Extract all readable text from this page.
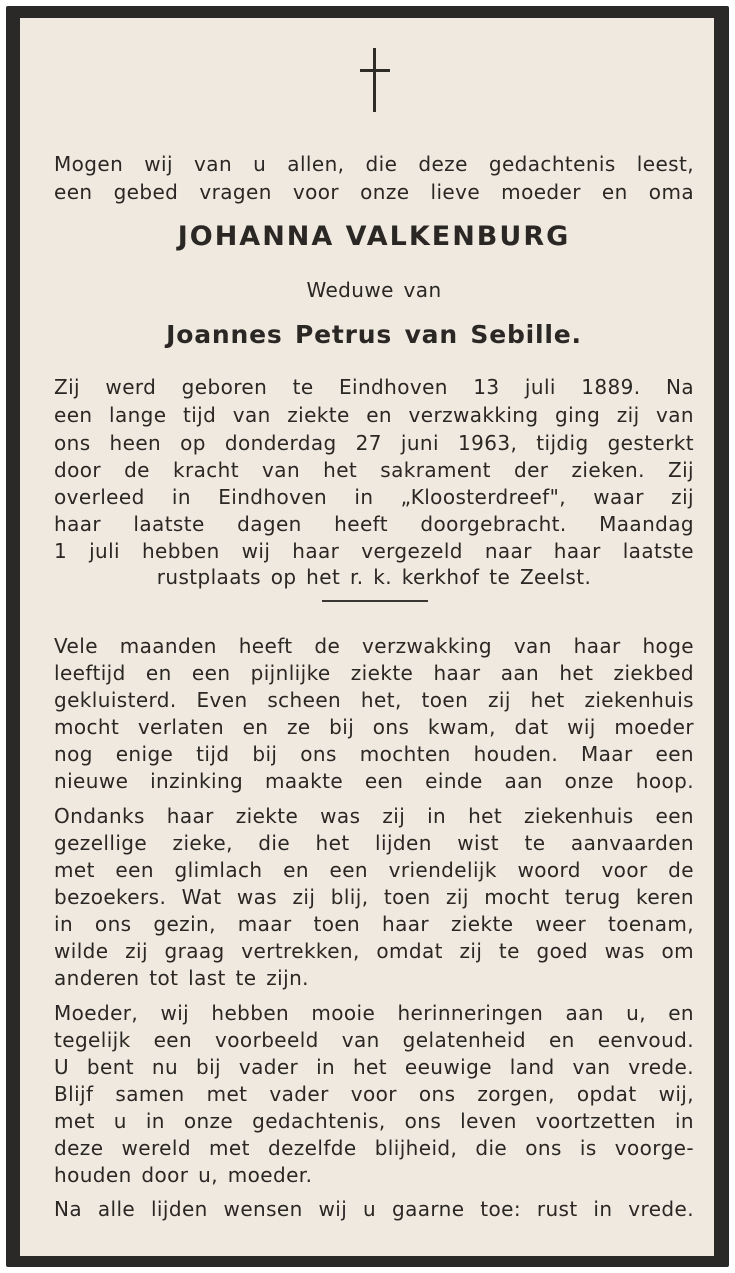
Mogen wij van u allen, die deze gedachtenis leest,
een gebed vragen voor onze lieve moeder en oma
JOHANNA VALKENBURG
Weduwe van
Joannes Petrus van Sebille.
Zij werd geboren te Eindhoven 13 juli 1889. Na
een lange tijd van ziekte en verzwakking ging zij van
ons heen op donderdag 27 juni 1963, tijdig gesterkt
door de kracht van het sakrament der zieken. Zij
overleed in Eindhoven in „Kloosterdreef", waar zij
haar laatste dagen heeft doorgebracht. Maandag
1 juli hebben wij haar vergezeld naar haar laatste
rustplaats op het r. k. kerkhof te Zeelst.
Vele maanden heeft de verzwakking van haar hoge
leeftijd en een pijnlijke ziekte haar aan het ziekbed
gekluisterd. Even scheen het, toen zij het ziekenhuis
mocht verlaten en ze bij ons kwam, dat wij moeder
nog enige tijd bij ons mochten houden. Maar een
nieuwe inzinking maakte een einde aan onze hoop.
Ondanks haar ziekte was zij in het ziekenhuis een
gezellige zieke, die het lijden wist te aanvaarden
met een glimlach en een vriendelijk woord voor de
bezoekers. Wat was zij blij, toen zij mocht terug keren
in ons gezin, maar toen haar ziekte weer toenam,
wilde zij graag vertrekken, omdat zij te goed was om
anderen tot last te zijn.
Moeder, wij hebben mooie herinneringen aan u, en
tegelijk een voorbeeld van gelatenheid en eenvoud.
U bent nu bij vader in het eeuwige land van vrede.
Blijf samen met vader voor ons zorgen, opdat wij,
met u in onze gedachtenis, ons leven voortzetten in
deze wereld met dezelfde blijheid, die ons is voorge-
houden door u, moeder.
Na alle lijden wensen wij u gaarne toe: rust in vrede.
